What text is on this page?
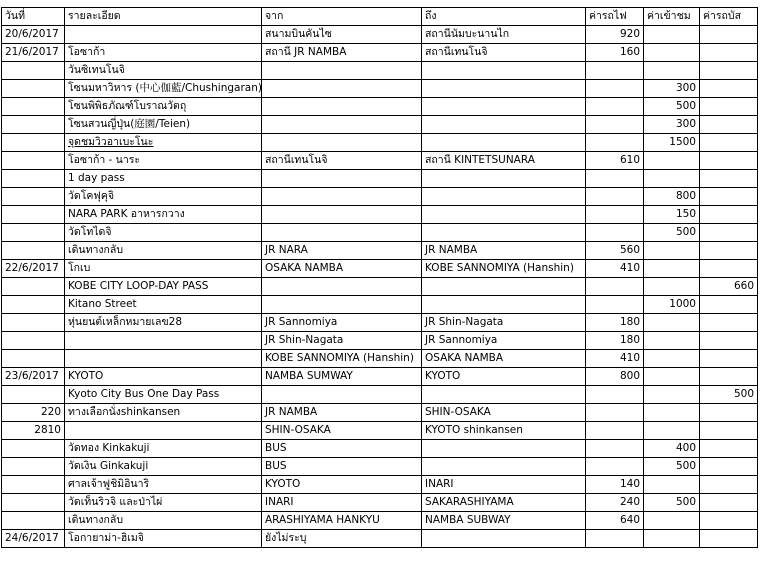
วันที่	รายละเอียด	จาก	ถึง	ค่ารถไฟ	ค่าเข้าชม	ค่ารถบัส
20/6/2017		สนามบินคันไซ	สถานีนัมบะนานไก	920		
21/6/2017	โอซาก้า	สถานี JR NAMBA	สถานีเทนโนจิ	160		
	วันซิเทนโนจิ					
	โซนมหาวิหาร (中心伽藍/Chushingaran)				300	
	โซนพิพิธภัณฑ์โบราณวัตถุ				500	
	โซนสวนญี่ปุ่น(庭園/Teien)				300	
	จุดชมวิวอาเบะโนะ				1500	
	โอซาก้า - นาระ	สถานีเทนโนจิ	สถานี KINTETSUNARA	610		
	1 day pass					
	วัดโคฟุคุจิ				800	
	NARA PARK อาหารกวาง				150	
	วัดโทไดจิ				500	
	เดินทางกลับ	JR NARA	JR NAMBA	560		
22/6/2017	โกเบ	OSAKA NAMBA	KOBE SANNOMIYA (Hanshin)	410		
	KOBE CITY LOOP-DAY PASS					660
	Kitano Street				1000	
	หุ่นยนต์เหล็กหมายเลข28	JR Sannomiya	JR Shin-Nagata	180		
		JR Shin-Nagata	JR Sannomiya	180		
		KOBE SANNOMIYA (Hanshin)	OSAKA NAMBA	410		
23/6/2017	KYOTO	NAMBA SUMWAY	KYOTO	800		
	Kyoto City Bus One Day Pass					500
220	ทางเลือกนั่งshinkansen	JR NAMBA	SHIN-OSAKA			
2810		SHIN-OSAKA	KYOTO shinkansen			
	วัดทอง Kinkakuji	BUS			400	
	วัดเงิน Ginkakuji	BUS			500	
	ศาลเจ้าฟูชิมิอินาริ	KYOTO	INARI	140		
	วัดเท็นริวจิ และป่าไผ่	INARI	SAKARASHIYAMA	240	500	
	เดินทางกลับ	ARASHIYAMA HANKYU	NAMBA SUBWAY	640		
24/6/2017	โอกายาม่า-ฮิเมจิ	ยังไม่ระบุ				
